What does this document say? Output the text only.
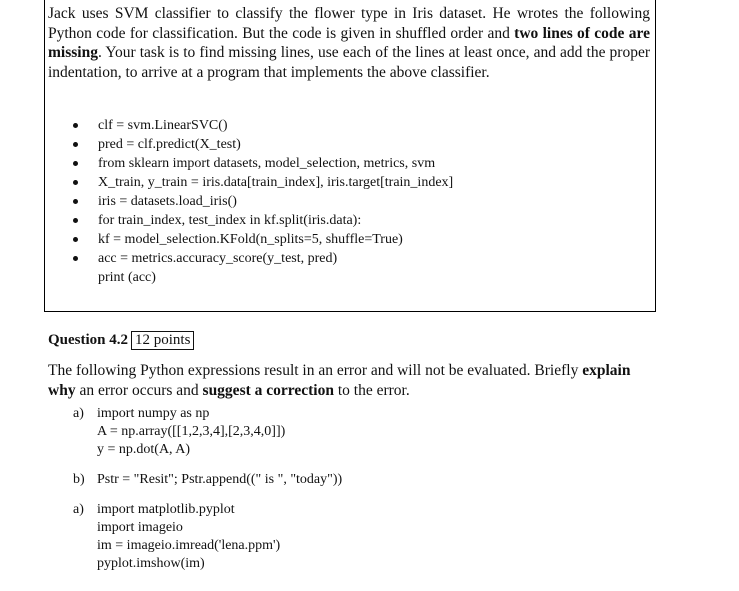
Jack uses SVM classifier to classify the flower type in Iris dataset. He wrotes the following Python code for classification. But the code is given in shuffled order and two lines of code are missing. Your task is to find missing lines, use each of the lines at least once, and add the proper indentation, to arrive at a program that implements the above classifier.
clf = svm.LinearSVC()
pred = clf.predict(X_test)
from sklearn import datasets, model_selection, metrics, svm
X_train, y_train = iris.data[train_index], iris.target[train_index]
iris = datasets.load_iris()
for train_index, test_index in kf.split(iris.data):
kf = model_selection.KFold(n_splits=5, shuffle=True)
acc = metrics.accuracy_score(y_test, pred)
print (acc)
Question 4.2 12 points
The following Python expressions result in an error and will not be evaluated. Briefly explain why an error occurs and suggest a correction to the error.
a) import numpy as np
A = np.array([[1,2,3,4],[2,3,4,0]])
y = np.dot(A, A)
b) Pstr = "Resit"; Pstr.append((" is ", "today"))
a) import matplotlib.pyplot
import imageio
im = imageio.imread('lena.ppm')
pyplot.imshow(im)
